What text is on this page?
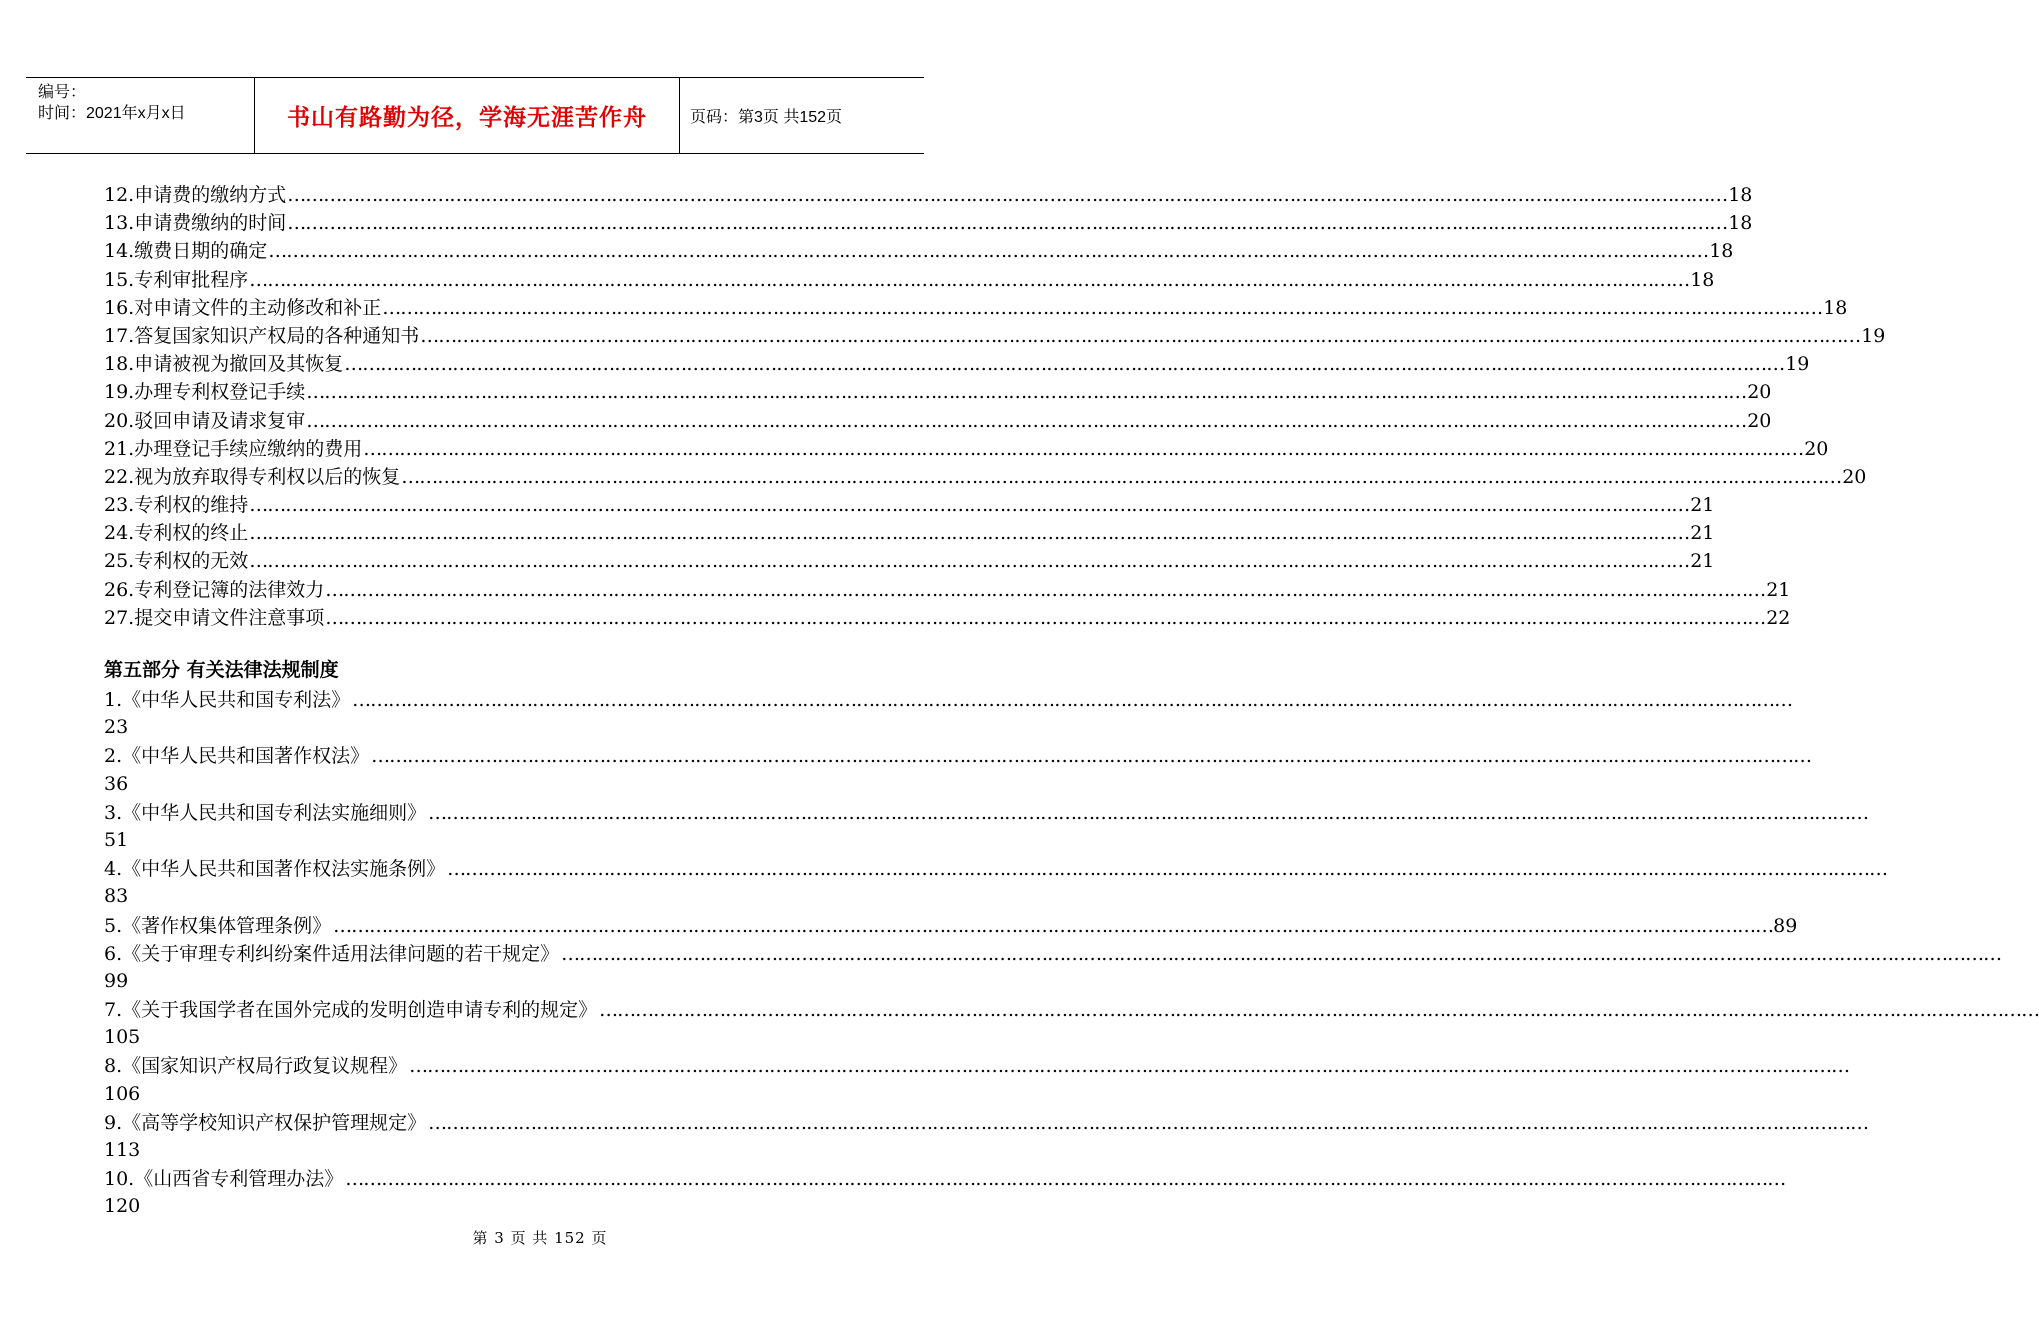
编号：
时间：2021年x月x日	书山有路勤为径，学海无涯苦作舟	页码：第3页 共152页
12.申请费的缴纳方式 …………………………………………………………………………………………………………………………………………………………………………………………………………………… 18
13.申请费缴纳的时间 …………………………………………………………………………………………………………………………………………………………………………………………………………………… 18
14.缴费日期的确定 …………………………………………………………………………………………………………………………………………………………………………………………………………………… 18
15.专利审批程序 …………………………………………………………………………………………………………………………………………………………………………………………………………………… 18
16.对申请文件的主动修改和补正 …………………………………………………………………………………………………………………………………………………………………………………………………………………… 18
17.答复国家知识产权局的各种通知书 …………………………………………………………………………………………………………………………………………………………………………………………………………………… 19
18.申请被视为撤回及其恢复 …………………………………………………………………………………………………………………………………………………………………………………………………………………… 19
19.办理专利权登记手续 …………………………………………………………………………………………………………………………………………………………………………………………………………………… 20
20.驳回申请及请求复审 …………………………………………………………………………………………………………………………………………………………………………………………………………………… 20
21.办理登记手续应缴纳的费用 …………………………………………………………………………………………………………………………………………………………………………………………………………………… 20
22.视为放弃取得专利权以后的恢复 …………………………………………………………………………………………………………………………………………………………………………………………………………………… 20
23.专利权的维持 …………………………………………………………………………………………………………………………………………………………………………………………………………………… 21
24.专利权的终止 …………………………………………………………………………………………………………………………………………………………………………………………………………………… 21
25.专利权的无效 …………………………………………………………………………………………………………………………………………………………………………………………………………………… 21
26.专利登记簿的法律效力 …………………………………………………………………………………………………………………………………………………………………………………………………………………… 21
27.提交申请文件注意事项 …………………………………………………………………………………………………………………………………………………………………………………………………………………… 22
第五部分 有关法律法规制度
1.《中华人民共和国专利法》 ……………………………………………………………………………………………………………………………………………………………………………………………………………………
23
2.《中华人民共和国著作权法》 ……………………………………………………………………………………………………………………………………………………………………………………………………………………
36
3.《中华人民共和国专利法实施细则》 ……………………………………………………………………………………………………………………………………………………………………………………………………………………
51
4.《中华人民共和国著作权法实施条例》 ……………………………………………………………………………………………………………………………………………………………………………………………………………………
83
5.《著作权集体管理条例》 …………………………………………………………………………………………………………………………………………………………………………………………………………………… 89
6.《关于审理专利纠纷案件适用法律问题的若干规定》 ……………………………………………………………………………………………………………………………………………………………………………………………………………………
99
7.《关于我国学者在国外完成的发明创造申请专利的规定》 ……………………………………………………………………………………………………………………………………………………………………………………………………………………
105
8.《国家知识产权局行政复议规程》 ……………………………………………………………………………………………………………………………………………………………………………………………………………………
106
9.《高等学校知识产权保护管理规定》 ……………………………………………………………………………………………………………………………………………………………………………………………………………………
113
10.《山西省专利管理办法》 ……………………………………………………………………………………………………………………………………………………………………………………………………………………
120
第 3 页 共 152 页
